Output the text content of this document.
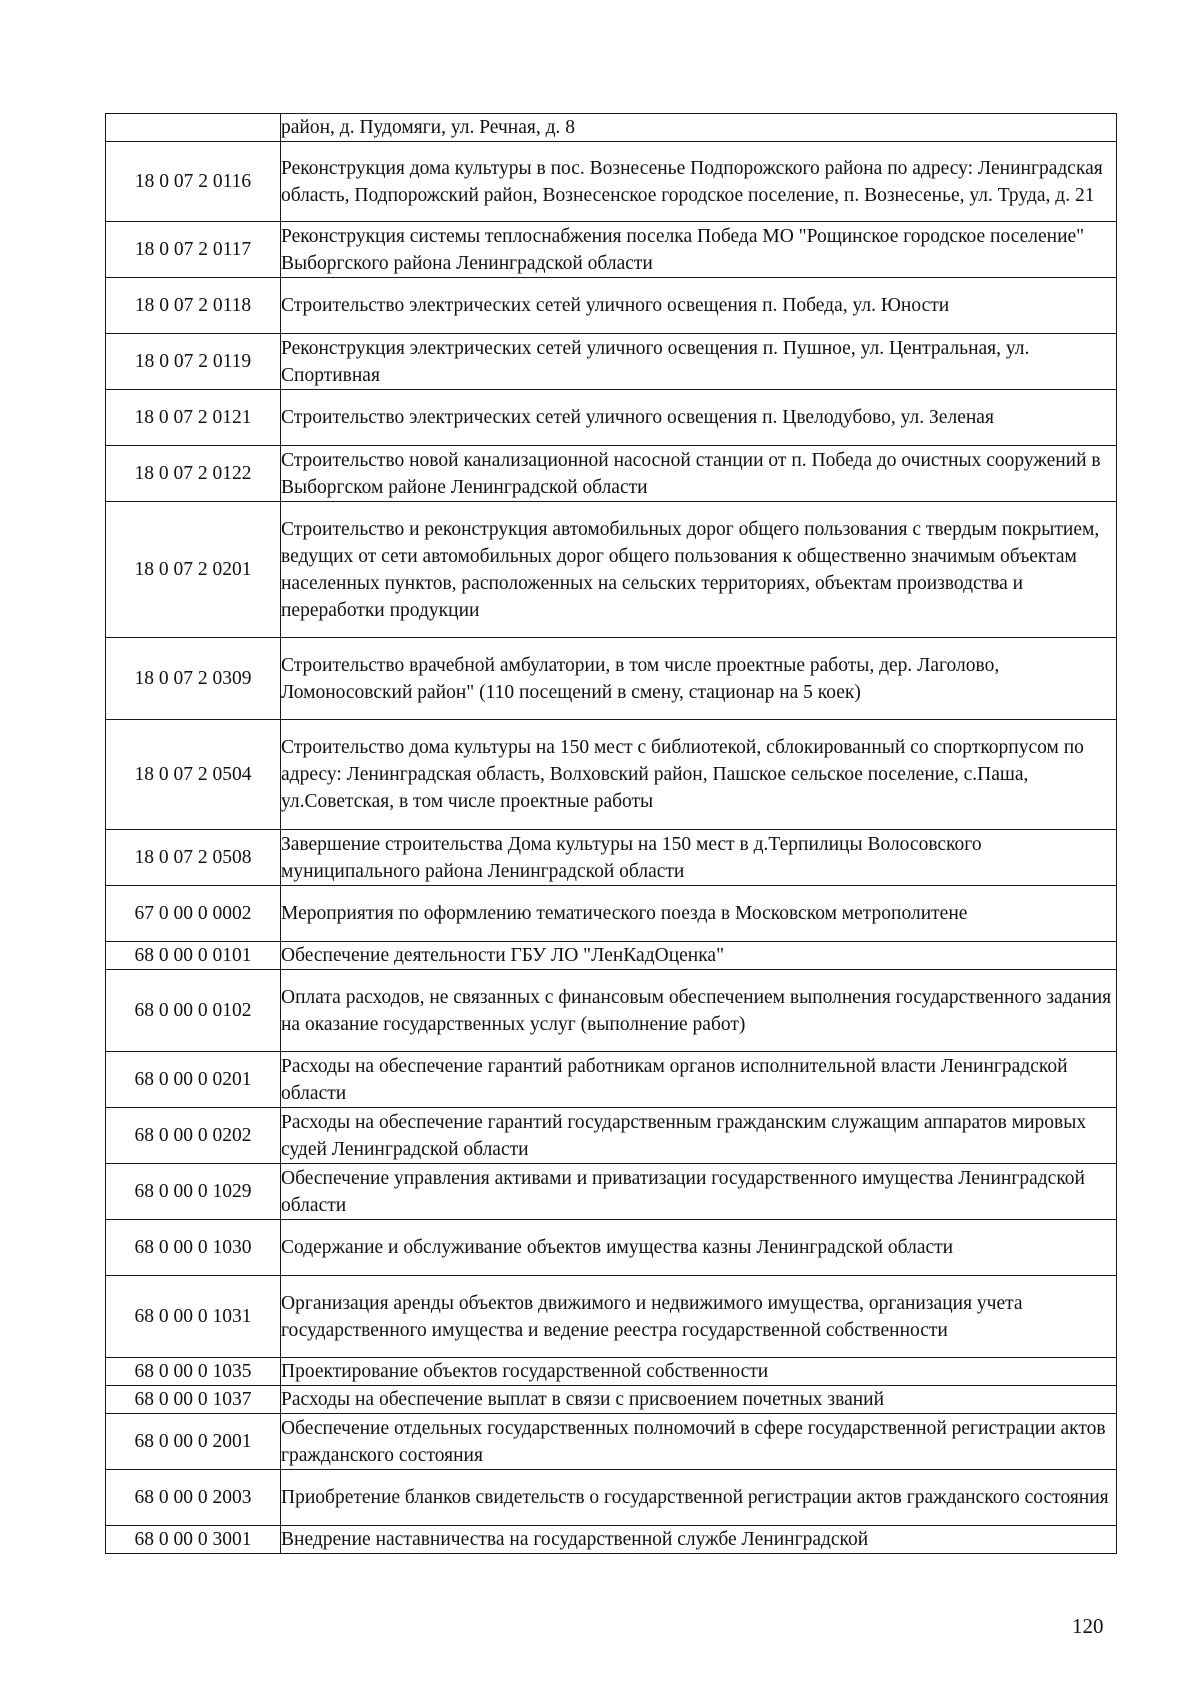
	район, д. Пудомяги, ул. Речная, д. 8
18 0 07 2 0116	Реконструкция дома культуры в пос. Вознесенье Подпорожского района по адресу: Ленинградская область, Подпорожский район, Вознесенское городское поселение, п. Вознесенье, ул. Труда, д. 21
18 0 07 2 0117	Реконструкция системы теплоснабжения поселка Победа МО "Рощинское городское поселение" Выборгского района Ленинградской области
18 0 07 2 0118	Строительство электрических сетей уличного освещения п. Победа, ул. Юности
18 0 07 2 0119	Реконструкция электрических сетей уличного освещения п. Пушное, ул. Центральная, ул. Спортивная
18 0 07 2 0121	Строительство электрических сетей уличного освещения п. Цвелодубово, ул. Зеленая
18 0 07 2 0122	Строительство новой канализационной насосной станции от п. Победа до очистных сооружений в Выборгском районе Ленинградской области
18 0 07 2 0201	Строительство и реконструкция автомобильных дорог общего пользования с твердым покрытием, ведущих от сети автомобильных дорог общего пользования к общественно значимым объектам населенных пунктов, расположенных на сельских территориях, объектам производства и переработки продукции
18 0 07 2 0309	Строительство врачебной амбулатории, в том числе проектные работы, дер. Лаголово, Ломоносовский район" (110 посещений в смену, стационар на 5 коек)
18 0 07 2 0504	Строительство дома культуры на 150 мест с библиотекой, сблокированный со спорткорпусом по адресу: Ленинградская область, Волховский район, Пашское сельское поселение, с.Паша, ул.Советская, в том числе проектные работы
18 0 07 2 0508	Завершение строительства Дома культуры на 150 мест в д.Терпилицы Волосовского муниципального района Ленинградской области
67 0 00 0 0002	Мероприятия по оформлению тематического поезда в Московском метрополитене
68 0 00 0 0101	Обеспечение деятельности ГБУ ЛО "ЛенКадОценка"
68 0 00 0 0102	Оплата расходов, не связанных с финансовым обеспечением выполнения государственного задания на оказание государственных услуг (выполнение работ)
68 0 00 0 0201	Расходы на обеспечение гарантий работникам органов исполнительной власти Ленинградской области
68 0 00 0 0202	Расходы на обеспечение гарантий государственным гражданским служащим аппаратов мировых судей Ленинградской области
68 0 00 0 1029	Обеспечение управления активами и приватизации государственного имущества Ленинградской области
68 0 00 0 1030	Содержание и обслуживание объектов имущества казны Ленинградской области
68 0 00 0 1031	Организация аренды объектов движимого и недвижимого имущества, организация учета государственного имущества и ведение реестра государственной собственности
68 0 00 0 1035	Проектирование объектов государственной собственности
68 0 00 0 1037	Расходы на обеспечение выплат в связи с присвоением почетных званий
68 0 00 0 2001	Обеспечение отдельных государственных полномочий в сфере государственной регистрации актов гражданского состояния
68 0 00 0 2003	Приобретение бланков свидетельств о государственной регистрации актов гражданского состояния
68 0 00 0 3001	Внедрение наставничества на государственной службе Ленинградской
120
